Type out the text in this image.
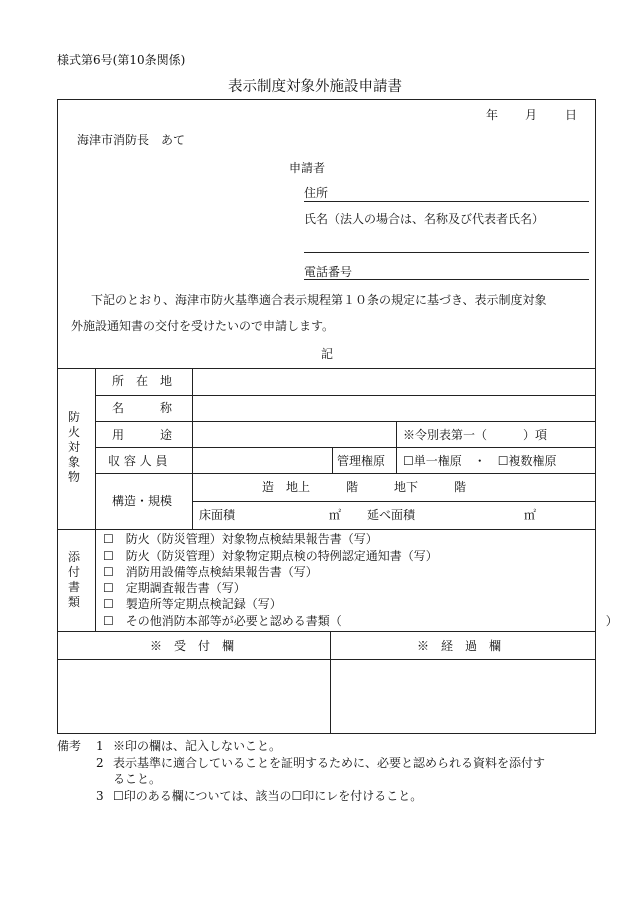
様式第6号(第10条関係)
表示制度対象外施設申請書
年 月 日
海津市消防長　あて
申請者
住所
氏名（法人の場合は、名称及び代表者氏名）
電話番号
下記のとおり、海津市防火基準適合表示規程第１０条の規定に基づき、表示制度対象
外施設通知書の交付を受けたいので申請します。
記
防火対象物
所　在　地
名　　　称
用　　　途	※令別表第一（　　　）項
収 容 人 員	管理権原 ☐単一権原　・　☐複数権原
構造・規模
造　地上　　　階　　　地下　　　階
床面積	㎡ 延べ面積	㎡
添付書類
☐ 防火（防災管理）対象物点検結果報告書（写）
☐ 防火（防災管理）対象物定期点検の特例認定通知書（写）
☐ 消防用設備等点検結果報告書（写）
☐ 定期調査報告書（写）
☐ 製造所等定期点検記録（写）
☐ その他消防本部等が必要と認める書類（　　　　　　　　　　　　　　　　　　　　　　）
※　受　付　欄	※　経　過　欄
備考 1 ※印の欄は、記入しないこと。
2 表示基準に適合していることを証明するために、必要と認められる資料を添付す
ること。
3 ☐印のある欄については、該当の☐印にレを付けること。
